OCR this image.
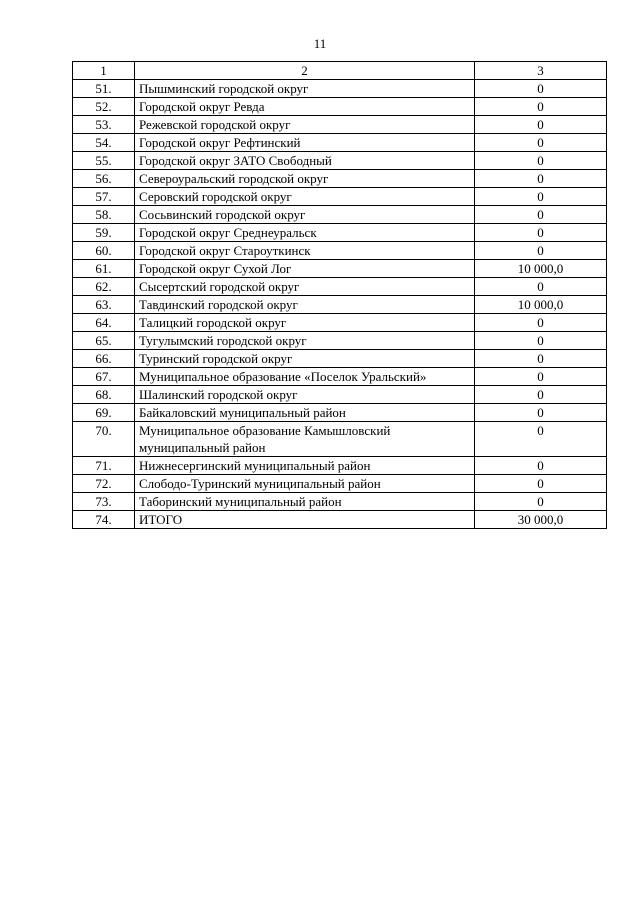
11
1	2	3
51.	Пышминский городской округ	0
52.	Городской округ Ревда	0
53.	Режевской городской округ	0
54.	Городской округ Рефтинский	0
55.	Городской округ ЗАТО Свободный	0
56.	Североуральский городской округ	0
57.	Серовский городской округ	0
58.	Сосьвинский городской округ	0
59.	Городской округ Среднеуральск	0
60.	Городской округ Староуткинск	0
61.	Городской округ Сухой Лог	10 000,0
62.	Сысертский городской округ	0
63.	Тавдинский городской округ	10 000,0
64.	Талицкий городской округ	0
65.	Тугулымский городской округ	0
66.	Туринский городской округ	0
67.	Муниципальное образование «Поселок Уральский»	0
68.	Шалинский городской округ	0
69.	Байкаловский муниципальный район	0
70.	Муниципальное образование Камышловский муниципальный район	0
71.	Нижнесергинский муниципальный район	0
72.	Слободо-Туринский муниципальный район	0
73.	Таборинский муниципальный район	0
74.	ИТОГО	30 000,0
